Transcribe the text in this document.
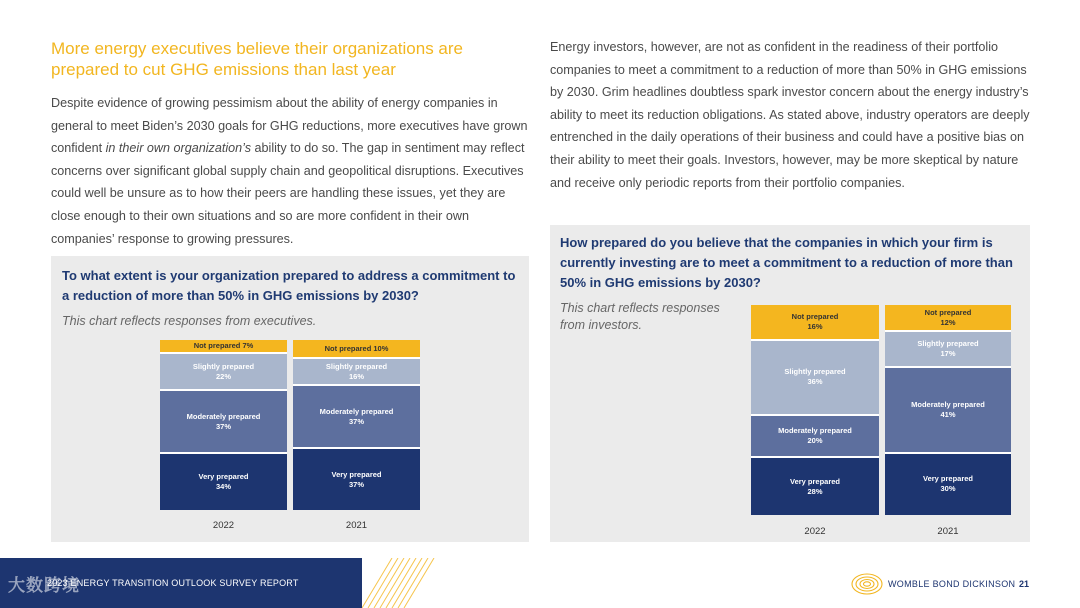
More energy executives believe their organizations are prepared to cut GHG emissions than last year

Despite evidence of growing pessimism about the ability of energy companies in general to meet Biden’s 2030 goals for GHG reductions, more executives have grown confident in their own organization’s ability to do so. The gap in sentiment may reflect concerns over significant global supply chain and geopolitical disruptions. Executives could well be unsure as to how their peers are handling these issues, yet they are close enough to their own situations and so are more confident in their own companies’ response to growing pressures.

Energy investors, however, are not as confident in the readiness of their portfolio companies to meet a commitment to a reduction of more than 50% in GHG emissions by 2030. Grim headlines doubtless spark investor concern about the energy industry’s ability to meet its reduction obligations. As stated above, industry operators are deeply entrenched in the daily operations of their business and could have a positive bias on their ability to meet their goals. Investors, however, may be more skeptical by nature and receive only periodic reports from their portfolio companies.

To what extent is your organization prepared to address a commitment to a reduction of more than 50% in GHG emissions by 2030?
This chart reflects responses from executives.
Not prepared 7%
Slightly prepared
22%
Moderately prepared
37%
Very prepared
34%
2022
Not prepared 10%
Slightly prepared
16%
Moderately prepared
37%
Very prepared
37%
2021
How prepared do you believe that the companies in which your firm is currently investing are to meet a commitment to a reduction of more than 50% in GHG emissions by 2030?
This chart reflects responses from investors.
Not prepared
16%
Slightly prepared
36%
Moderately prepared
20%
Very prepared
28%
2022
Not prepared
12%
Slightly prepared
17%
Moderately prepared
41%
Very prepared
30%
2021
大数跨境
2023 ENERGY TRANSITION OUTLOOK SURVEY REPORT	WOMBLE BOND DICKINSON 21
